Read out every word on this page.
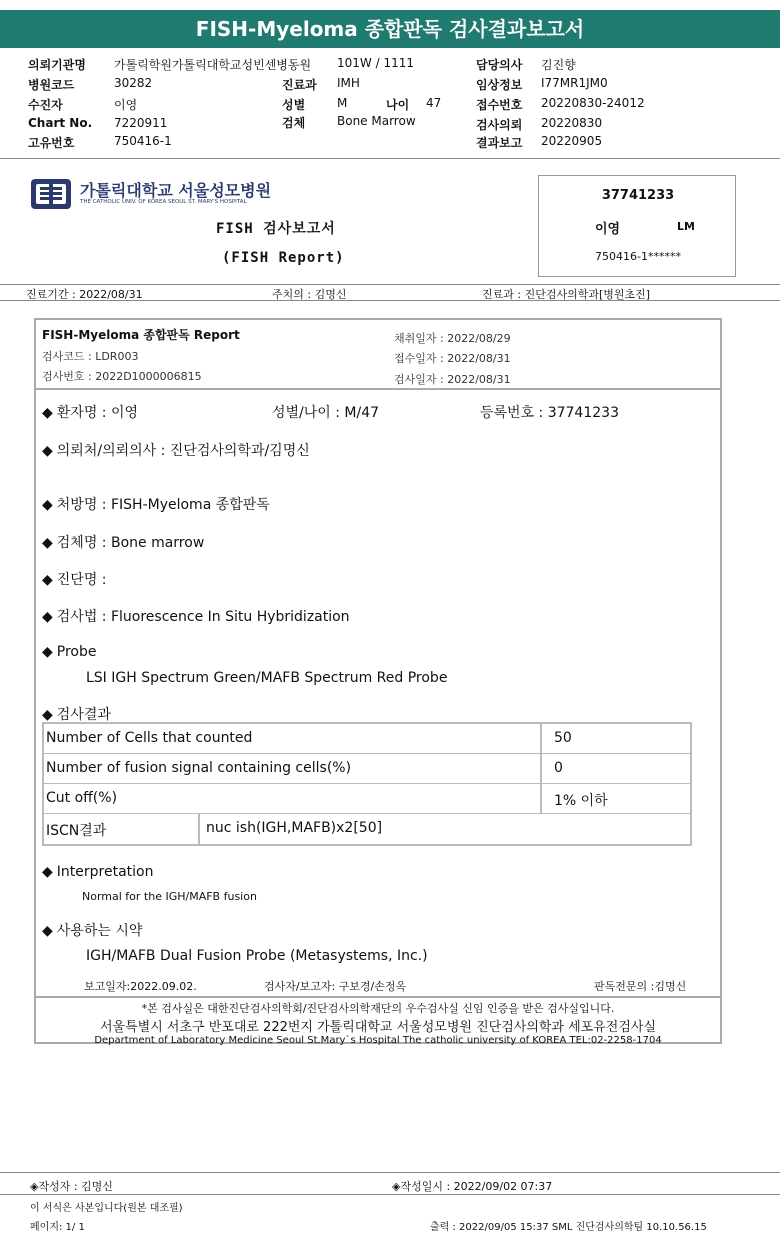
FISH-Myeloma 종합판독 검사결과보고서
의뢰기관명 가톨릭학원가톨릭대학교성빈센병동원 101W / 1111	담당의사 김진향
병원코드	30282	진료과 IMH	임상정보 I77MR1JM0
수진자	이영	성별	M	나이 47	접수번호 20220830-24012
Chart No. 7220911	검체	Bone Marrow	검사의뢰 20220830
고유번호	750416-1	결과보고 20220905
가톨릭대학교 서울성모병원
THE CATHOLIC UNIV. OF KOREA SEOUL ST. MARY'S HOSPITAL
FISH 검사보고서
(FISH Report)
37741233
이영	LM
750416-1******
진료기간 : 2022/08/31	주치의 : 김명신	진료과 : 진단검사의학과[병원초진]
FISH-Myeloma 종합판독 Report
검사코드 : LDR003
검사번호 : 2022D1000006815
채취일자 : 2022/08/29
접수일자 : 2022/08/31
검사일자 : 2022/08/31
◆ 환자명 : 이영	성별/나이 : M/47	등록번호 : 37741233
◆ 의뢰처/의뢰의사 : 진단검사의학과/김명신
◆ 처방명 : FISH-Myeloma 종합판독
◆ 검체명 : Bone marrow
◆ 진단명 :
◆ 검사법 : Fluorescence In Situ Hybridization
◆ Probe
LSI IGH Spectrum Green/MAFB Spectrum Red Probe
◆ 검사결과
Number of Cells that counted	50
Number of fusion signal containing cells(%)	0
Cut off(%)	1% 이하
ISCN결과	nuc ish(IGH,MAFB)x2[50]
◆ Interpretation
Normal for the IGH/MAFB fusion
◆ 사용하는 시약
IGH/MAFB Dual Fusion Probe (Metasystems, Inc.)
보고일자:2022.09.02.	검사자/보고자: 구보경/손정옥	판독전문의 :김명신
*본 검사실은 대한진단검사의학회/진단검사의학재단의 우수검사실 신임 인증을 받은 검사실입니다.
서울특별시 서초구 반포대로 222번지 가톨릭대학교 서울성모병원 진단검사의학과 세포유전검사실
Department of Laboratory Medicine Seoul St.Mary`s Hospital The catholic university of KOREA TEL:02-2258-1704
◈작성자 : 김명신	◈작성일시 : 2022/09/02 07:37
이 서식은 사본입니다(원본 대조필)
페이지: 1/ 1	출력 : 2022/09/05 15:37 SML 진단검사의학팀 10.10.56.15
